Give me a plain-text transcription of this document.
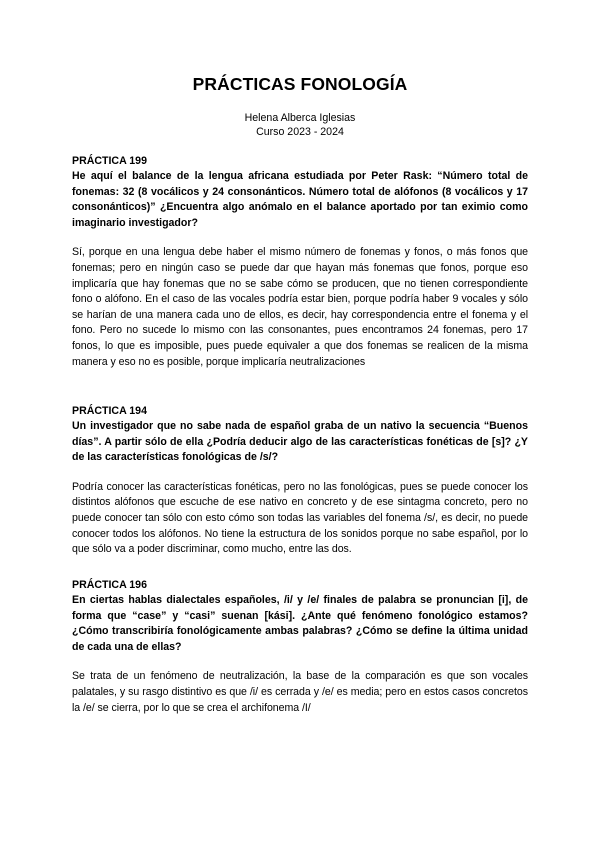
PRÁCTICAS FONOLOGÍA

Helena Alberca Iglesias

Curso 2023 - 2024

PRÁCTICA 199

He aquí el balance de la lengua africana estudiada por Peter Rask: “Número total de fonemas: 32 (8 vocálicos y 24 consonánticos. Número total de alófonos (8 vocálicos y 17 consonánticos)” ¿Encuentra algo anómalo en el balance aportado por tan eximio como imaginario investigador?

Sí, porque en una lengua debe haber el mismo número de fonemas y fonos, o más fonos que fonemas; pero en ningún caso se puede dar que hayan más fonemas que fonos, porque eso implicaría que hay fonemas que no se sabe cómo se producen, que no tienen correspondiente fono o alófono. En el caso de las vocales podría estar bien, porque podría haber 9 vocales y sólo se harían de una manera cada uno de ellos, es decir, hay correspondencia entre el fonema y el fono. Pero no sucede lo mismo con las consonantes, pues encontramos 24 fonemas, pero 17 fonos, lo que es imposible, pues puede equivaler a que dos fonemas se realicen de la misma manera y eso no es posible, porque implicaría neutralizaciones

PRÁCTICA 194

Un investigador que no sabe nada de español graba de un nativo la secuencia “Buenos días”. A partir sólo de ella ¿Podría deducir algo de las características fonéticas de [s]? ¿Y de las características fonológicas de /s/?

Podría conocer las características fonéticas, pero no las fonológicas, pues se puede conocer los distintos alófonos que escuche de ese nativo en concreto y de ese sintagma concreto, pero no puede conocer tan sólo con esto cómo son todas las variables del fonema /s/, es decir, no puede conocer todos los alófonos. No tiene la estructura de los sonidos porque no sabe español, por lo que sólo va a poder discriminar, como mucho, entre las dos.

PRÁCTICA 196

En ciertas hablas dialectales españoles, /i/ y /e/ finales de palabra se pronuncian [i], de forma que “case” y “casi” suenan [kási]. ¿Ante qué fenómeno fonológico estamos? ¿Cómo transcribiría fonológicamente ambas palabras? ¿Cómo se define la última unidad de cada una de ellas?

Se trata de un fenómeno de neutralización, la base de la comparación es que son vocales palatales, y su rasgo distintivo es que /i/ es cerrada y /e/ es media; pero en estos casos concretos la /e/ se cierra, por lo que se crea el archifonema /I/
